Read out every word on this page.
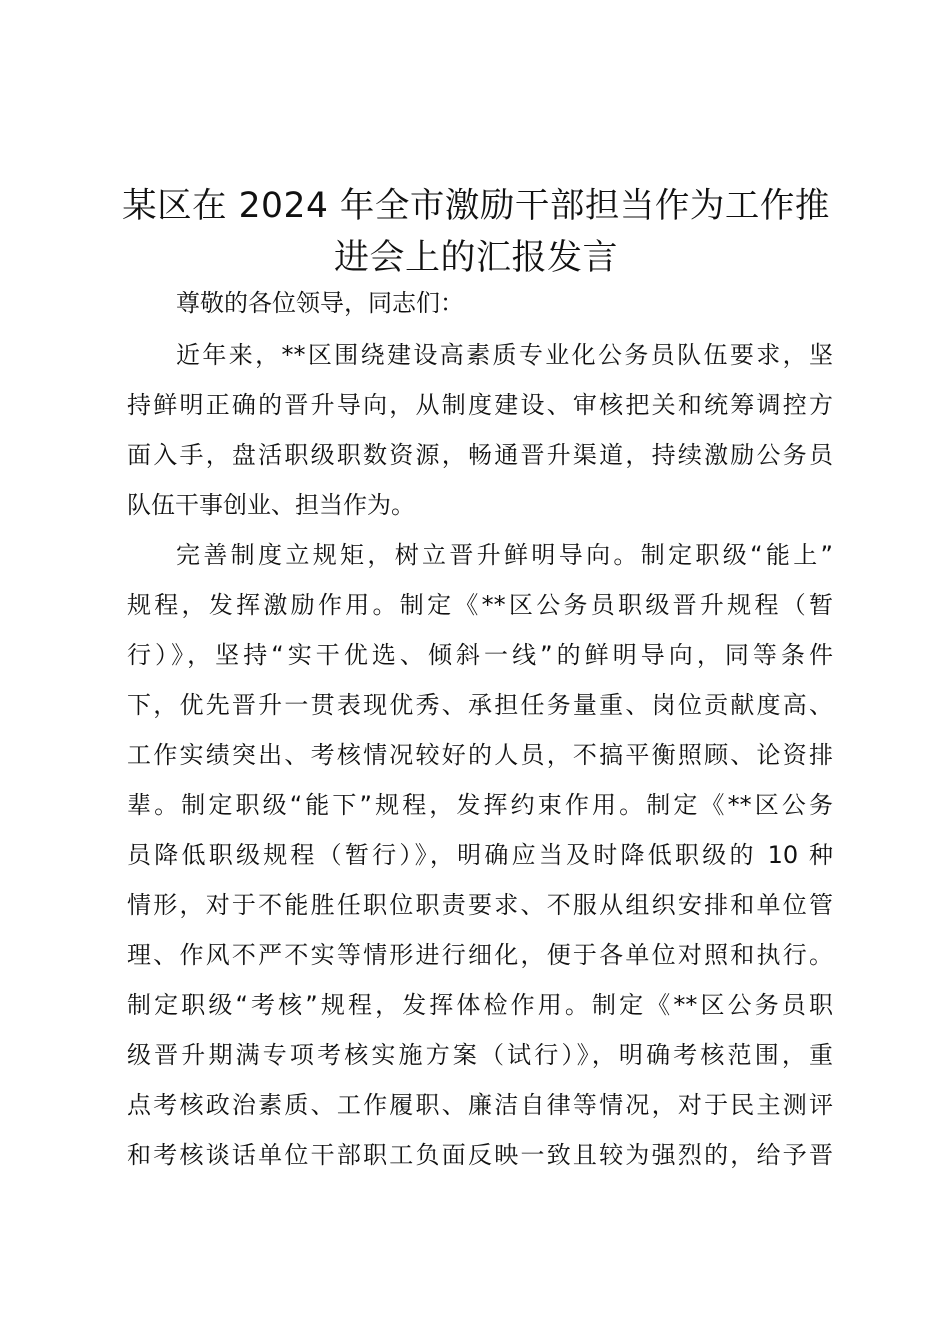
某区在 2024 年全市激励干部担当作为工作推
进会上的汇报发言

尊敬的各位领导，同志们：

近年来，**区围绕建设高素质专业化公务员队伍要求，坚

持鲜明正确的晋升导向，从制度建设、审核把关和统筹调控方

面入手，盘活职级职数资源，畅通晋升渠道，持续激励公务员

队伍干事创业、担当作为。

完善制度立规矩，树立晋升鲜明导向。制定职级“能上”

规程，发挥激励作用。制定《**区公务员职级晋升规程（暂

行）》，坚持“实干优选、倾斜一线”的鲜明导向，同等条件

下，优先晋升一贯表现优秀、承担任务量重、岗位贡献度高、

工作实绩突出、考核情况较好的人员，不搞平衡照顾、论资排

辈。制定职级“能下”规程，发挥约束作用。制定《**区公务

员降低职级规程（暂行）》，明确应当及时降低职级的 10 种

情形，对于不能胜任职位职责要求、不服从组织安排和单位管

理、作风不严不实等情形进行细化，便于各单位对照和执行。

制定职级“考核”规程，发挥体检作用。制定《**区公务员职

级晋升期满专项考核实施方案（试行）》，明确考核范围，重

点考核政治素质、工作履职、廉洁自律等情况，对于民主测评

和考核谈话单位干部职工负面反映一致且较为强烈的，给予晋
